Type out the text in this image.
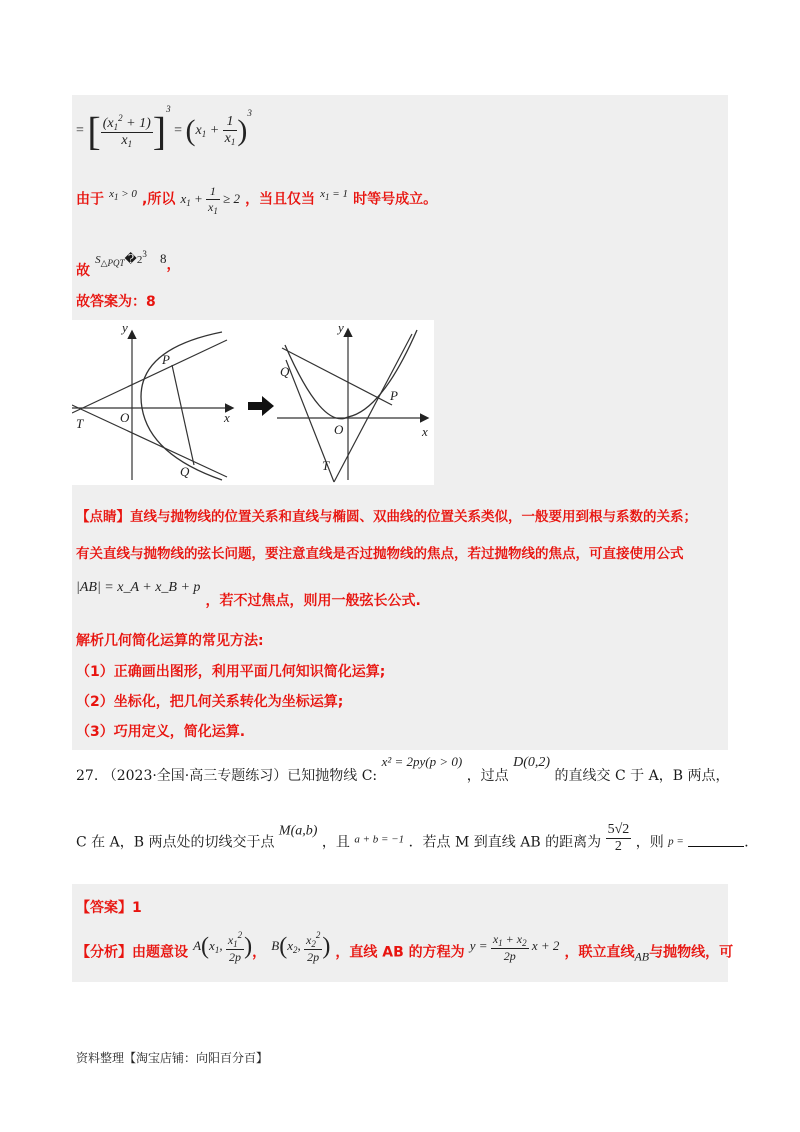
= [ $\frac{(x_1^2 + 1)}{x_1} ]^3 = (x_1 + \frac{1}{x_1} )^3$
由于 $^{x_1 > 0}$ ,所以 $x_1 + \frac{1}{x_1} \ge 2$ ，当且仅当 $^{x_1 = 1}$ 时等号成立。
故 $S_{\triangle PQT}�2^3$ 8，
故答案为：8
y
x
O
P
Q
T
y
x
O
P
Q
T
【点睛】直线与抛物线的位置关系和直线与椭圆、双曲线的位置关系类似，一般要用到根与系数的关系；
有关直线与抛物线的弦长问题，要注意直线是否过抛物线的焦点，若过抛物线的焦点，可直接使用公式
|AB| = x_A + x_B + p ，若不过焦点，则用一般弦长公式.
解析几何简化运算的常见方法:
（1）正确画出图形，利用平面几何知识简化运算;
（2）坐标化，把几何关系转化为坐标运算;
（3）巧用定义，简化运算.
27. （2023·全国·高三专题练习）已知抛物线 C: x² = 2py(p > 0) ，过点 D(0,2) 的直线交 C 于 A，B 两点，
C 在 A，B 两点处的切线交于点 M(a,b) ，且 a + b = −1 ．若点 M 到直线 AB 的距离为 $\frac{5√2}{2}$ ，则 p =	．
【答案】1
【分析】由题意设 $A(x_1$, $\frac{x_1^2}{2p}$ )， $B(x_2$, $\frac{x_2^2}{2p}$ ) ，直线 AB 的方程为 $y = \frac{x_1 + x_2}{2p}$ x + 2 ，联立直线$_{AB}$与抛物线，可
资料整理【淘宝店铺：向阳百分百】
